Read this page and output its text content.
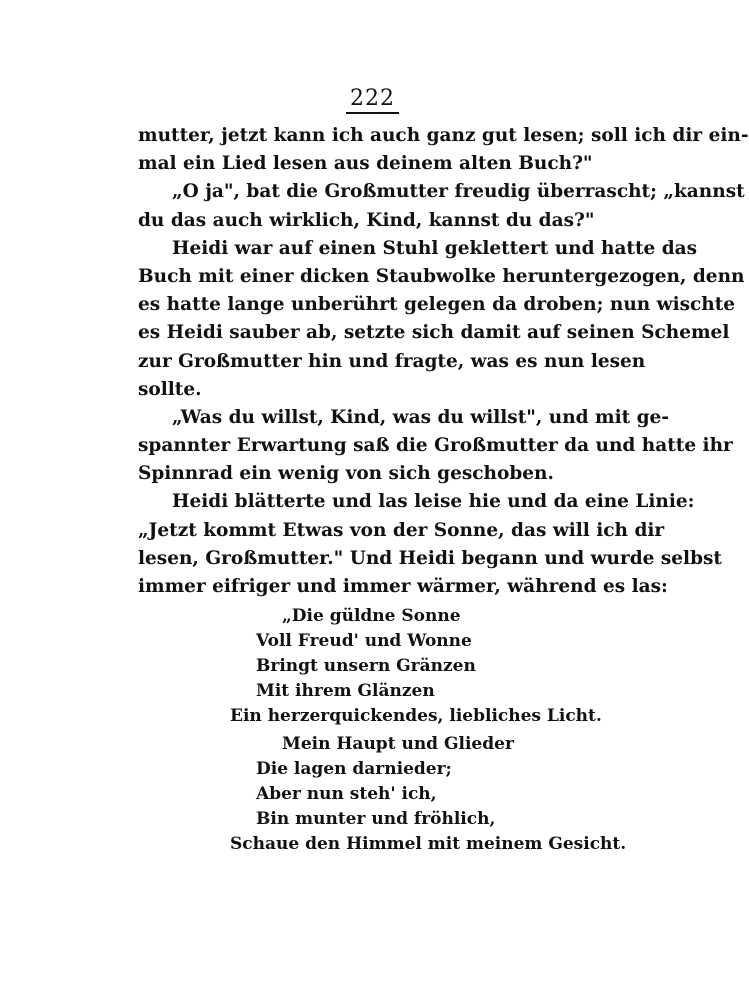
222
mutter, jetzt kann ich auch ganz gut lesen; soll ich dir ein-
mal ein Lied lesen aus deinem alten Buch?"
„O ja", bat die Großmutter freudig überrascht; „kannst
du das auch wirklich, Kind, kannst du das?"
Heidi war auf einen Stuhl geklettert und hatte das
Buch mit einer dicken Staubwolke heruntergezogen, denn
es hatte lange unberührt gelegen da droben; nun wischte
es Heidi sauber ab, setzte sich damit auf seinen Schemel
zur Großmutter hin und fragte, was es nun lesen
sollte.
„Was du willst, Kind, was du willst", und mit ge-
spannter Erwartung saß die Großmutter da und hatte ihr
Spinnrad ein wenig von sich geschoben.
Heidi blätterte und las leise hie und da eine Linie:
„Jetzt kommt Etwas von der Sonne, das will ich dir
lesen, Großmutter." Und Heidi begann und wurde selbst
immer eifriger und immer wärmer, während es las:
„Die güldne Sonne
Voll Freud' und Wonne
Bringt unsern Gränzen
Mit ihrem Glänzen
Ein herzerquickendes, liebliches Licht.
Mein Haupt und Glieder
Die lagen darnieder;
Aber nun steh' ich,
Bin munter und fröhlich,
Schaue den Himmel mit meinem Gesicht.
